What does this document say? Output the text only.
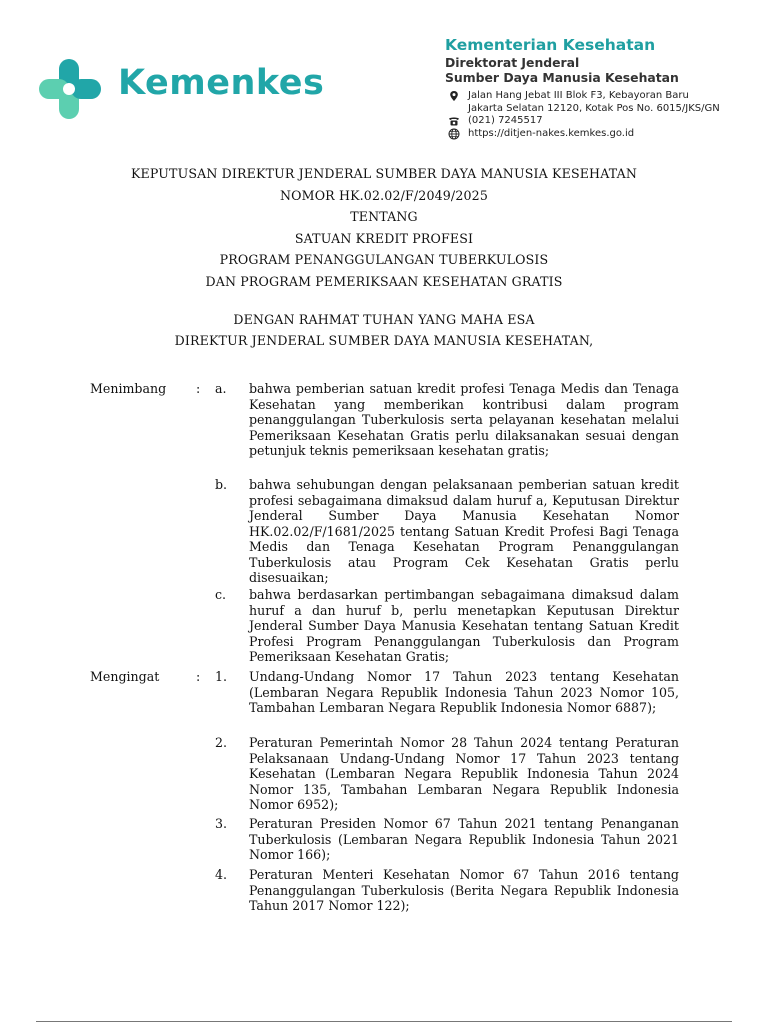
Kemenkes
Kementerian Kesehatan
Direktorat Jenderal
Sumber Daya Manusia Kesehatan
Jalan Hang Jebat III Blok F3, Kebayoran Baru
Jakarta Selatan 12120, Kotak Pos No. 6015/JKS/GN
(021) 7245517
https://ditjen-nakes.kemkes.go.id

KEPUTUSAN DIREKTUR JENDERAL SUMBER DAYA MANUSIA KESEHATAN

NOMOR HK.02.02/F/2049/2025

TENTANG

SATUAN KREDIT PROFESI

PROGRAM PENANGGULANGAN TUBERKULOSIS

DAN PROGRAM PEMERIKSAAN KESEHATAN GRATIS

DENGAN RAHMAT TUHAN YANG MAHA ESA

DIREKTUR JENDERAL SUMBER DAYA MANUSIA KESEHATAN,

Menimbang : a. bahwa pemberian satuan kredit profesi Tenaga Medis dan Tenaga Kesehatan yang memberikan kontribusi dalam program penanggulangan Tuberkulosis serta pelayanan kesehatan melalui Pemeriksaan Kesehatan Gratis perlu dilaksanakan sesuai dengan petunjuk teknis pemeriksaan kesehatan gratis;
b. bahwa sehubungan dengan pelaksanaan pemberian satuan kredit profesi sebagaimana dimaksud dalam huruf a, Keputusan Direktur Jenderal Sumber Daya Manusia Kesehatan Nomor HK.02.02/F/1681/2025 tentang Satuan Kredit Profesi Bagi Tenaga Medis dan Tenaga Kesehatan Program Penanggulangan Tuberkulosis atau Program Cek Kesehatan Gratis perlu disesuaikan;
c. bahwa berdasarkan pertimbangan sebagaimana dimaksud dalam huruf a dan huruf b, perlu menetapkan Keputusan Direktur Jenderal Sumber Daya Manusia Kesehatan tentang Satuan Kredit Profesi Program Penanggulangan Tuberkulosis dan Program Pemeriksaan Kesehatan Gratis;
Mengingat	: 1. Undang-Undang Nomor 17 Tahun 2023 tentang Kesehatan (Lembaran Negara Republik Indonesia Tahun 2023 Nomor 105, Tambahan Lembaran Negara Republik Indonesia Nomor 6887);
2. Peraturan Pemerintah Nomor 28 Tahun 2024 tentang Peraturan Pelaksanaan Undang-Undang Nomor 17 Tahun 2023 tentang Kesehatan (Lembaran Negara Republik Indonesia Tahun 2024 Nomor 135, Tambahan Lembaran Negara Republik Indonesia Nomor 6952);
3. Peraturan Presiden Nomor 67 Tahun 2021 tentang Penanganan Tuberkulosis (Lembaran Negara Republik Indonesia Tahun 2021 Nomor 166);
4. Peraturan Menteri Kesehatan Nomor 67 Tahun 2016 tentang Penanggulangan Tuberkulosis (Berita Negara Republik Indonesia Tahun 2017 Nomor 122);
